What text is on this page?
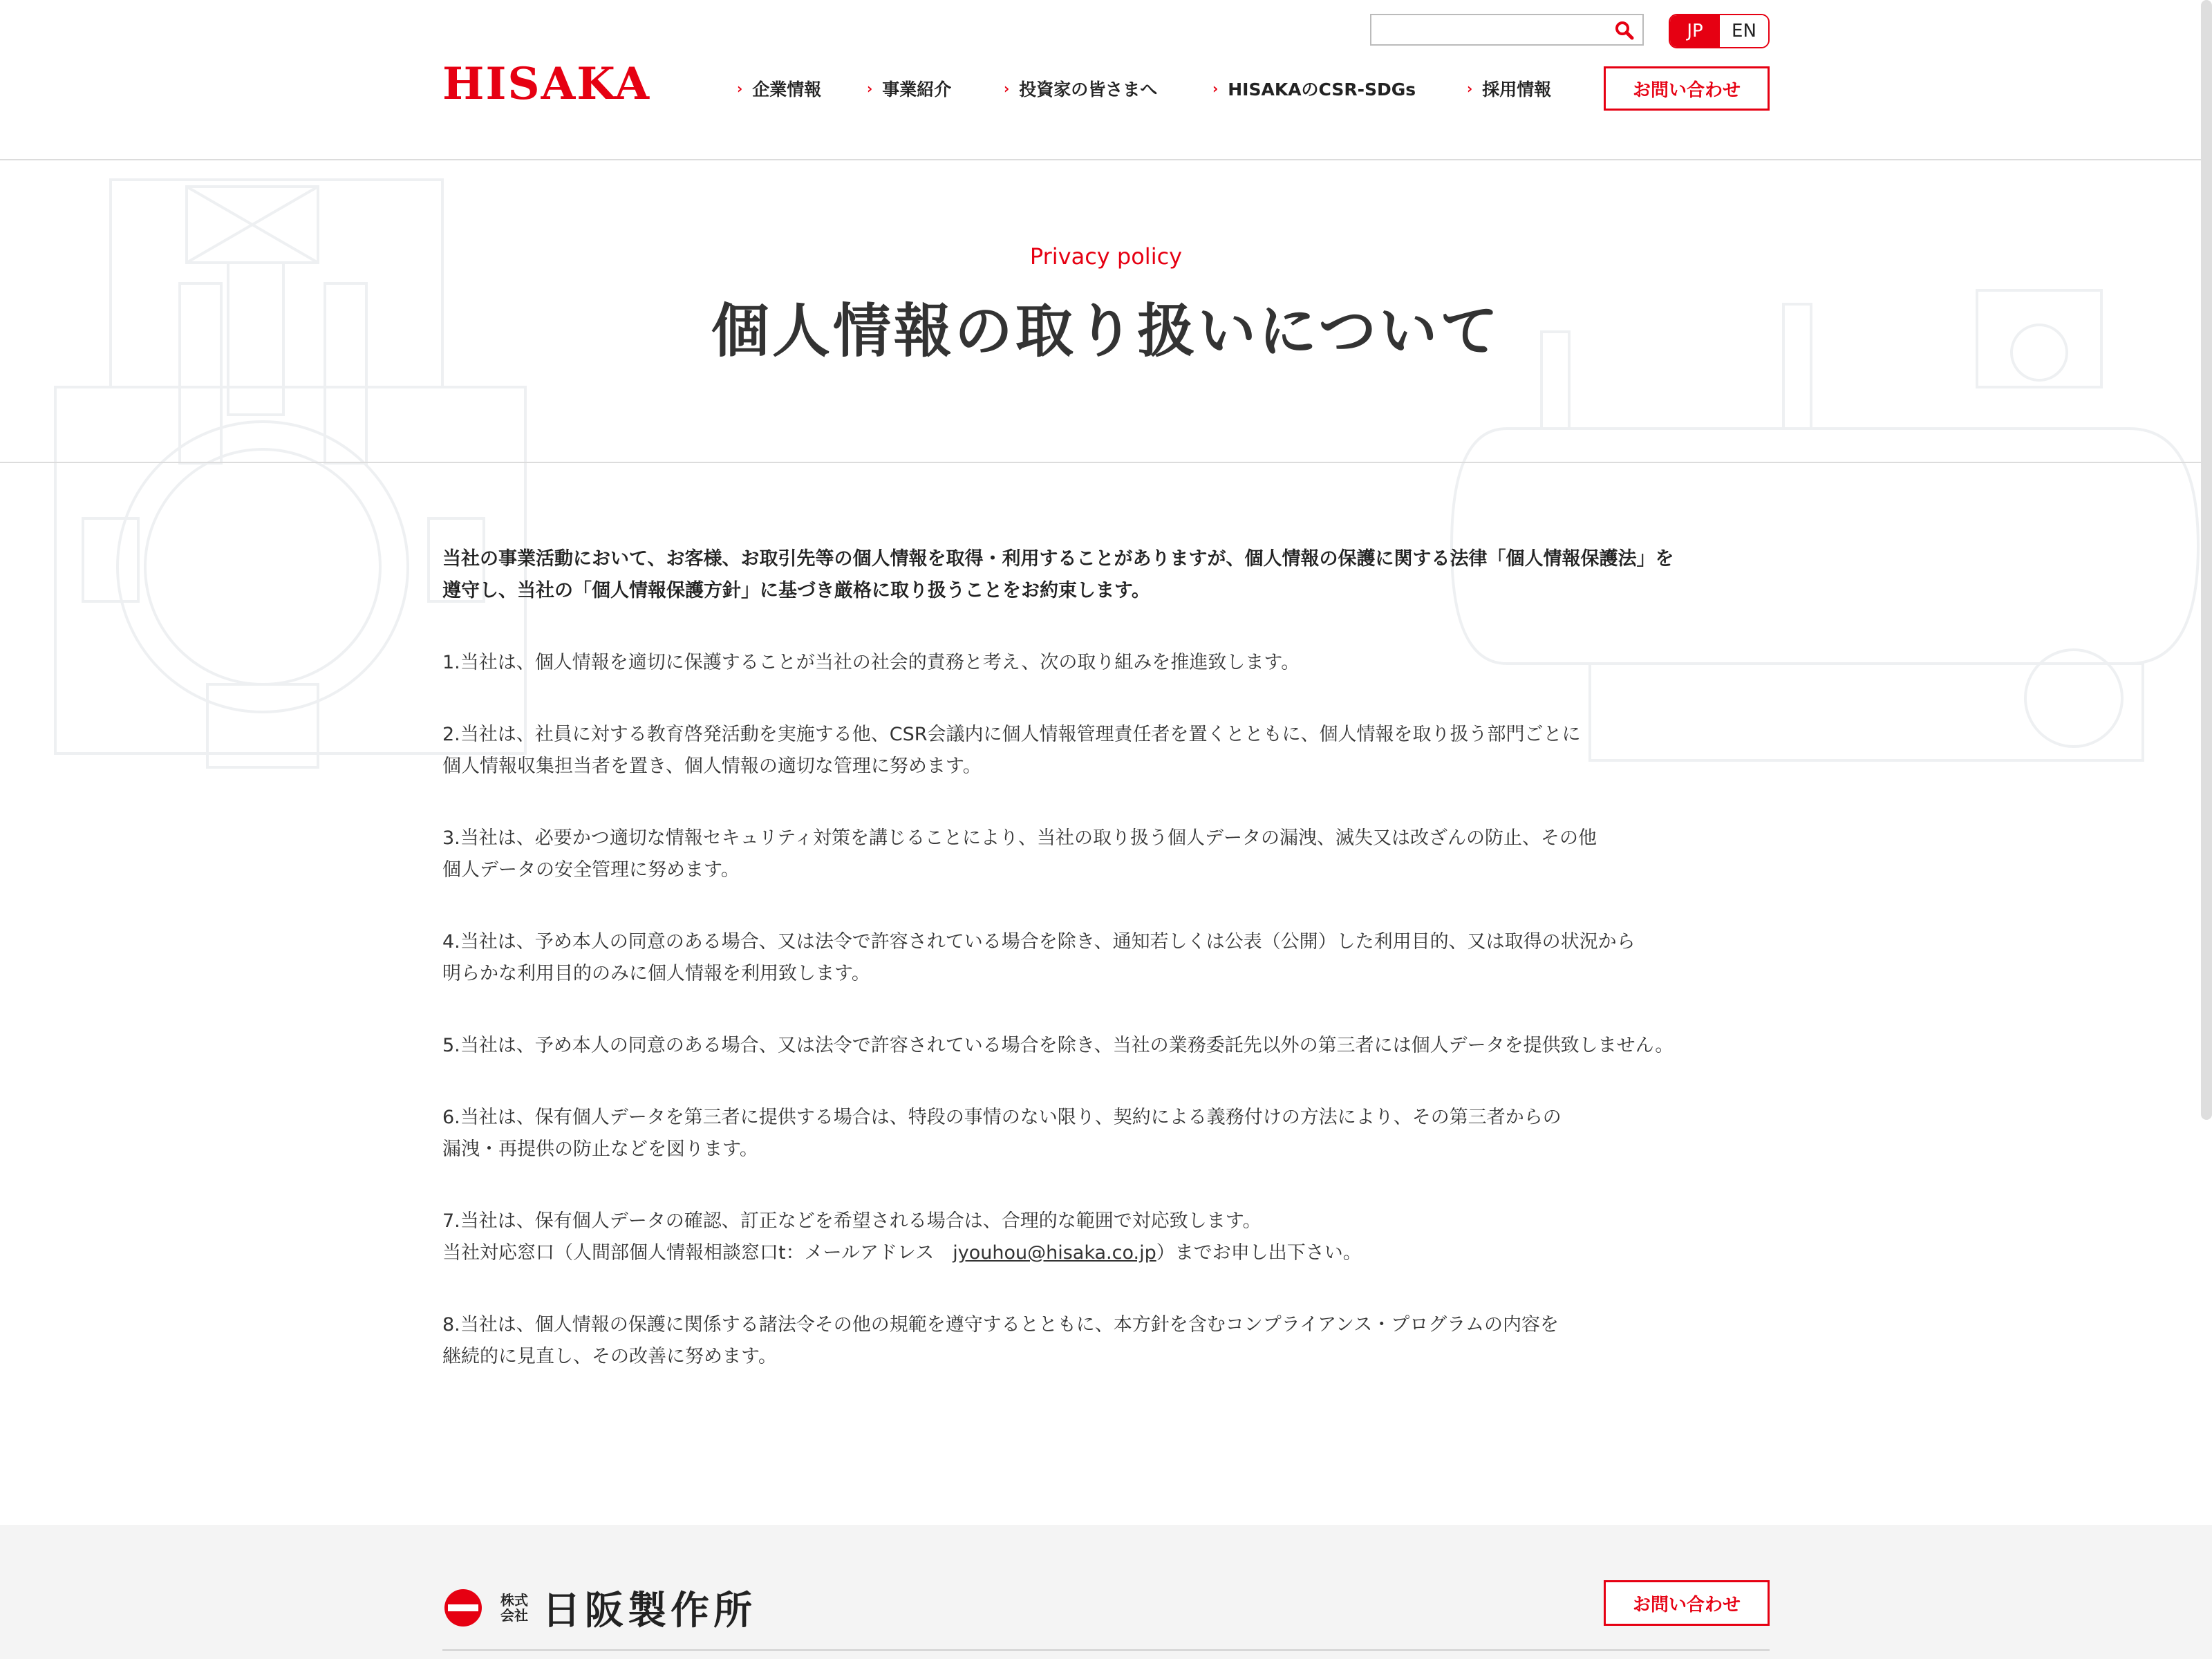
HISAKA
JP	EN
› 企業情報	› 事業紹介	› 投資家の皆さまへ	› HISAKAのCSR-SDGs	› 採用情報	お問い合わせ
Privacy policy
個人情報の取り扱いについて

当社の事業活動において、お客様、お取引先等の個人情報を取得・利用することがありますが、個人情報の保護に関する法律「個人情報保護法」を
遵守し、当社の「個人情報保護方針」に基づき厳格に取り扱うことをお約束します。

1.当社は、個人情報を適切に保護することが当社の社会的責務と考え、次の取り組みを推進致します。

2.当社は、社員に対する教育啓発活動を実施する他、CSR会議内に個人情報管理責任者を置くとともに、個人情報を取り扱う部門ごとに
個人情報収集担当者を置き、個人情報の適切な管理に努めます。

3.当社は、必要かつ適切な情報セキュリティ対策を講じることにより、当社の取り扱う個人データの漏洩、滅失又は改ざんの防止、その他
個人データの安全管理に努めます。

4.当社は、予め本人の同意のある場合、又は法令で許容されている場合を除き、通知若しくは公表（公開）した利用目的、又は取得の状況から
明らかな利用目的のみに個人情報を利用致します。

5.当社は、予め本人の同意のある場合、又は法令で許容されている場合を除き、当社の業務委託先以外の第三者には個人データを提供致しません。

6.当社は、保有個人データを第三者に提供する場合は、特段の事情のない限り、契約による義務付けの方法により、その第三者からの
漏洩・再提供の防止などを図ります。

7.当社は、保有個人データの確認、訂正などを希望される場合は、合理的な範囲で対応致します。
当社対応窓口（人間部個人情報相談窓口t：メールアドレス　jyouhou@hisaka.co.jp）までお申し出下さい。

8.当社は、個人情報の保護に関係する諸法令その他の規範を遵守するとともに、本方針を含むコンプライアンス・プログラムの内容を
継続的に見直し、その改善に努めます。

株式会社 日阪製作所	お問い合わせ
